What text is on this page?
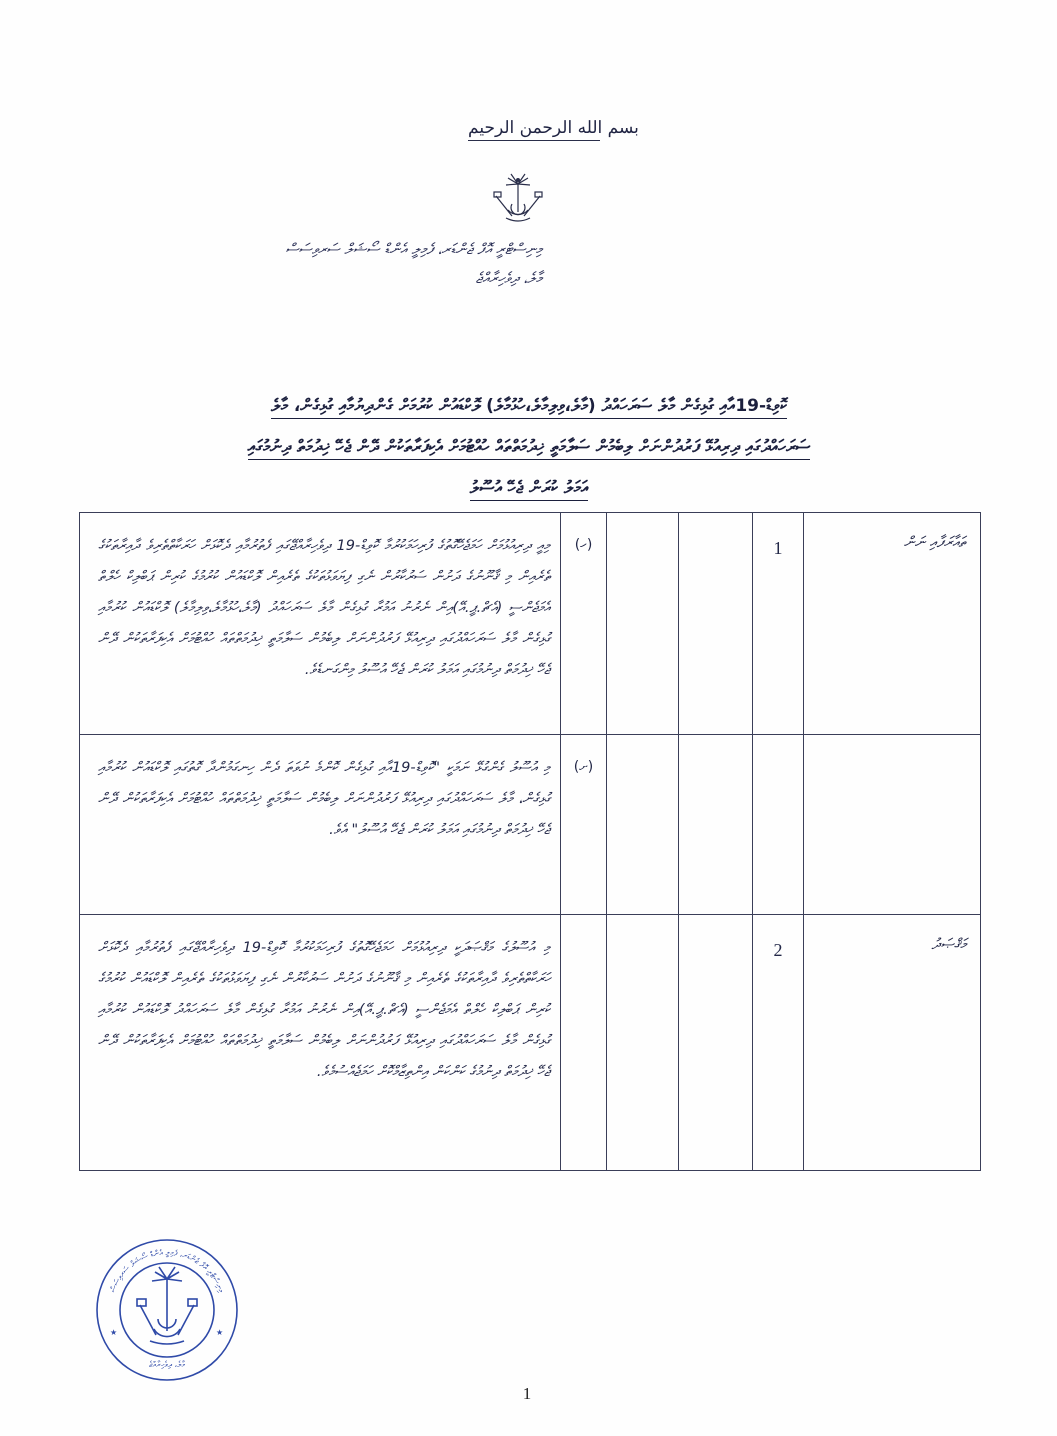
بسم الله الرحمن الرحيم
މިނިސްޓްރީ އޮފް ޖެންޑަރ، ފެމިލީ އެންޑް ސޯޝަލް ސަރވިސަސް
މާލެ، ދިވެހިރާއްޖެ
ކޮވިޑް-19އާއި ގުޅިގެން މާލެ ސަރަހައްދު (މާލެ،ވިލިމާލެ،ހުޅުމާލެ) ލޮކްޑައުން ކުރުމަށް ގެންދިޔުމާއި ގުޅިގެން، މާލެ
ސަރަހައްދުގައި ދިރިއުޅޭ ފަރުދުންނަށް ލިބެމުން ސަލާމަތީ ޚިދުމަތްތައް ހުއްޓުމަށް އެކިފަރާތަކުން ދޭން ޖެހޭ ޚިދުމަތް ދިނުމުގައި
އަމަލު ކުރަން ޖެހޭ އުސޫލު
ތައާރަފާއި ނަން	1			(ހ)	މިއީ ދިރިއުޅުމަށް ހަމަޖެހޭގޮތުގެ ފުރިހަމަކުރުމާ ކޮވިޑް-19 ދިވެހިރާއްޖޭގައި ފެތުރުމާއި ދެކޮޅަށް ހަރަކާތްތެރިވެ ދާއިރާތަކުގެ ތެރެއިން މި ޤާނޫނުގެ ދަށުން ސަރުކާރުން ނެގި ފިޔަވަޅުތަކުގެ ތެރެއިން ލޮކްޑައުން ކުރުމުގެ ކުރިން ޕަބްލިކް ހެލްތް އެމަޖެންސީ (އެޗް.ޕީ.އޭ)އިން ނެރުނު އަމުރާ ގުޅިގެން މާލެ ސަރަހައްދު (މާލެ،ހުޅުމާލެ،ވިލިމާލެ) ލޮކްޑައުން ކުރުމާއި ގުޅިގެން މާލެ ސަރަހައްދުގައި ދިރިއުޅޭ ފަރުދުންނަށް ލިބެމުން ސަލާމަތީ ޚިދުމަތްތައް ހުއްޓުމަށް އެކިފަރާތަކުން ދޭން ޖެހޭ ޚިދުމަތް ދިނުމުގައި އަމަލު ކުރަން ޖެހޭ އުސޫލު މިންގަނޑެވެ.

				(ށ)	މި އުސޫލު ގެންގުޅޭ ނަމަކީ "ކޮވިޑް-19އާއި ގުޅިގެން ކޮންމެ ނުވަތަ ދެން ހިނގަމުންދާ ގޮތުގައި ލޮކްޑައުން ކުރުމާއި ގުޅިގެން، މާލެ ސަރަހައްދުގައި ދިރިއުޅޭ ފަރުދުންނަށް ލިބެމުން ސަލާމަތީ ޚިދުމަތްތައް ހުއްޓުމަށް އެކިފަރާތަކުން ދޭން ޖެހޭ ޚިދުމަތް ދިނުމުގައި އަމަލު ކުރަން ޖެހޭ އުސޫލު" އެވެ.

މަޤްޞަދު	2				މި އުސޫލުގެ މަޤްޞަދަކީ ދިރިއުޅުމަށް ހަމަޖެހޭގޮތުގެ ފުރިހަމަކުރުމާ ކޮވިޑް-19 ދިވެހިރާއްޖޭގައި ފެތުރުމާއި ދެކޮޅަށް ހަރަކާތްތެރިވެ ދާއިރާތަކުގެ ތެރެއިން މި ޤާނޫނުގެ ދަށުން ސަރުކާރުން ނެގި ފިޔަވަޅުތަކުގެ ތެރެއިން ލޮކްޑައުން ކުރުމުގެ ކުރިން ޕަބްލިކް ހެލްތް އެމަޖެންސީ (އެޗް.ޕީ.އޭ)އިން ނެރުނު އަމުރާ ގުޅިގެން މާލެ ސަރަހައްދު ލޮކްޑައުން ކުރުމާއި ގުޅިގެން މާލެ ސަރަހައްދުގައި ދިރިއުޅޭ ފަރުދުންނަށް ލިބެމުން ސަލާމަތީ ޚިދުމަތްތައް ހުއްޓުމަށް އެކިފަރާތަކުން ދޭން ޖެހޭ ޚިދުމަތް ދިނުމުގެ ކަންކަން އިންތިޒާމްކޮށް ހަމަޖެއްސުމެވެ.
މިނިސްޓްރީ އޮފް ޖެންޑަރ، ފެމިލީ އެންޑް ސޯޝަލް ސަރވިސަސް
މާލެ، ދިވެހިރާއްޖެ
★	★
1
